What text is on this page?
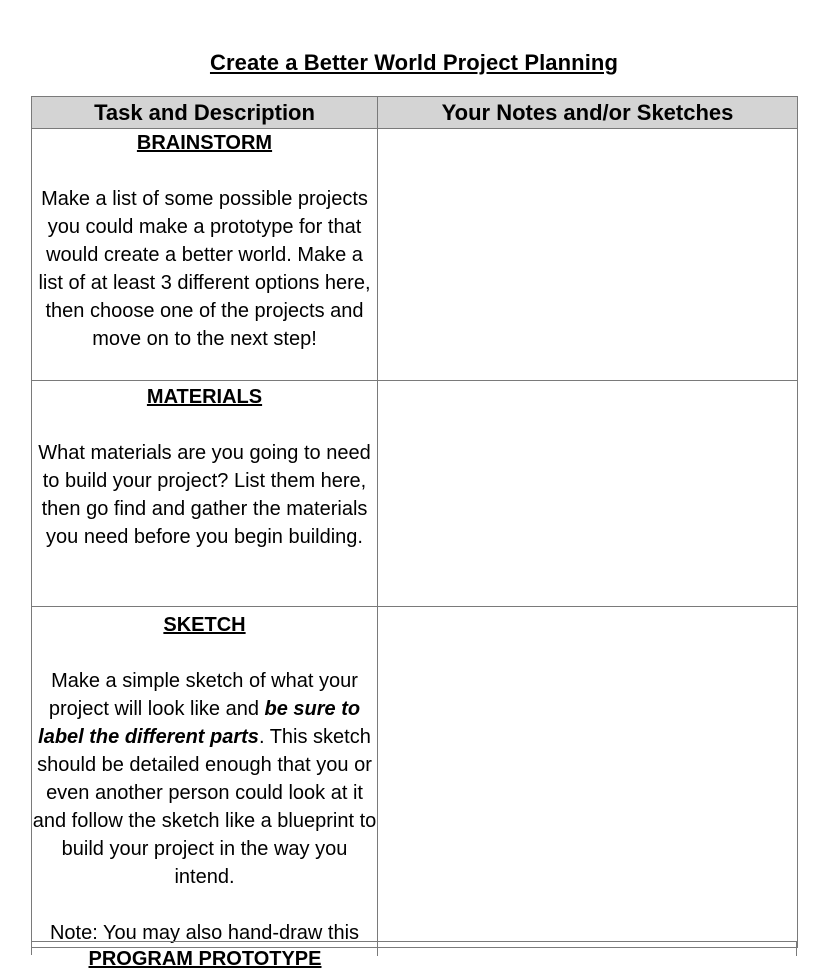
Create a Better World Project Planning
Task and Description	Your Notes and/or Sketches

BRAINSTORM
Make a list of some possible projects you could make a prototype for that would create a better world. Make a list of at least 3 different options here, then choose one of the projects and move on to the next step!	

MATERIALS
What materials are you going to need to build your project? List them here, then go find and gather the materials you need before you begin building.	

SKETCH
Make a simple sketch of what your project will look like and be sure to label the different parts. This sketch should be detailed enough that you or even another person could look at it and follow the sketch like a blueprint to build your project in the way you intend.
Note: You may also hand-draw this	

PROGRAM PROTOTYPE
